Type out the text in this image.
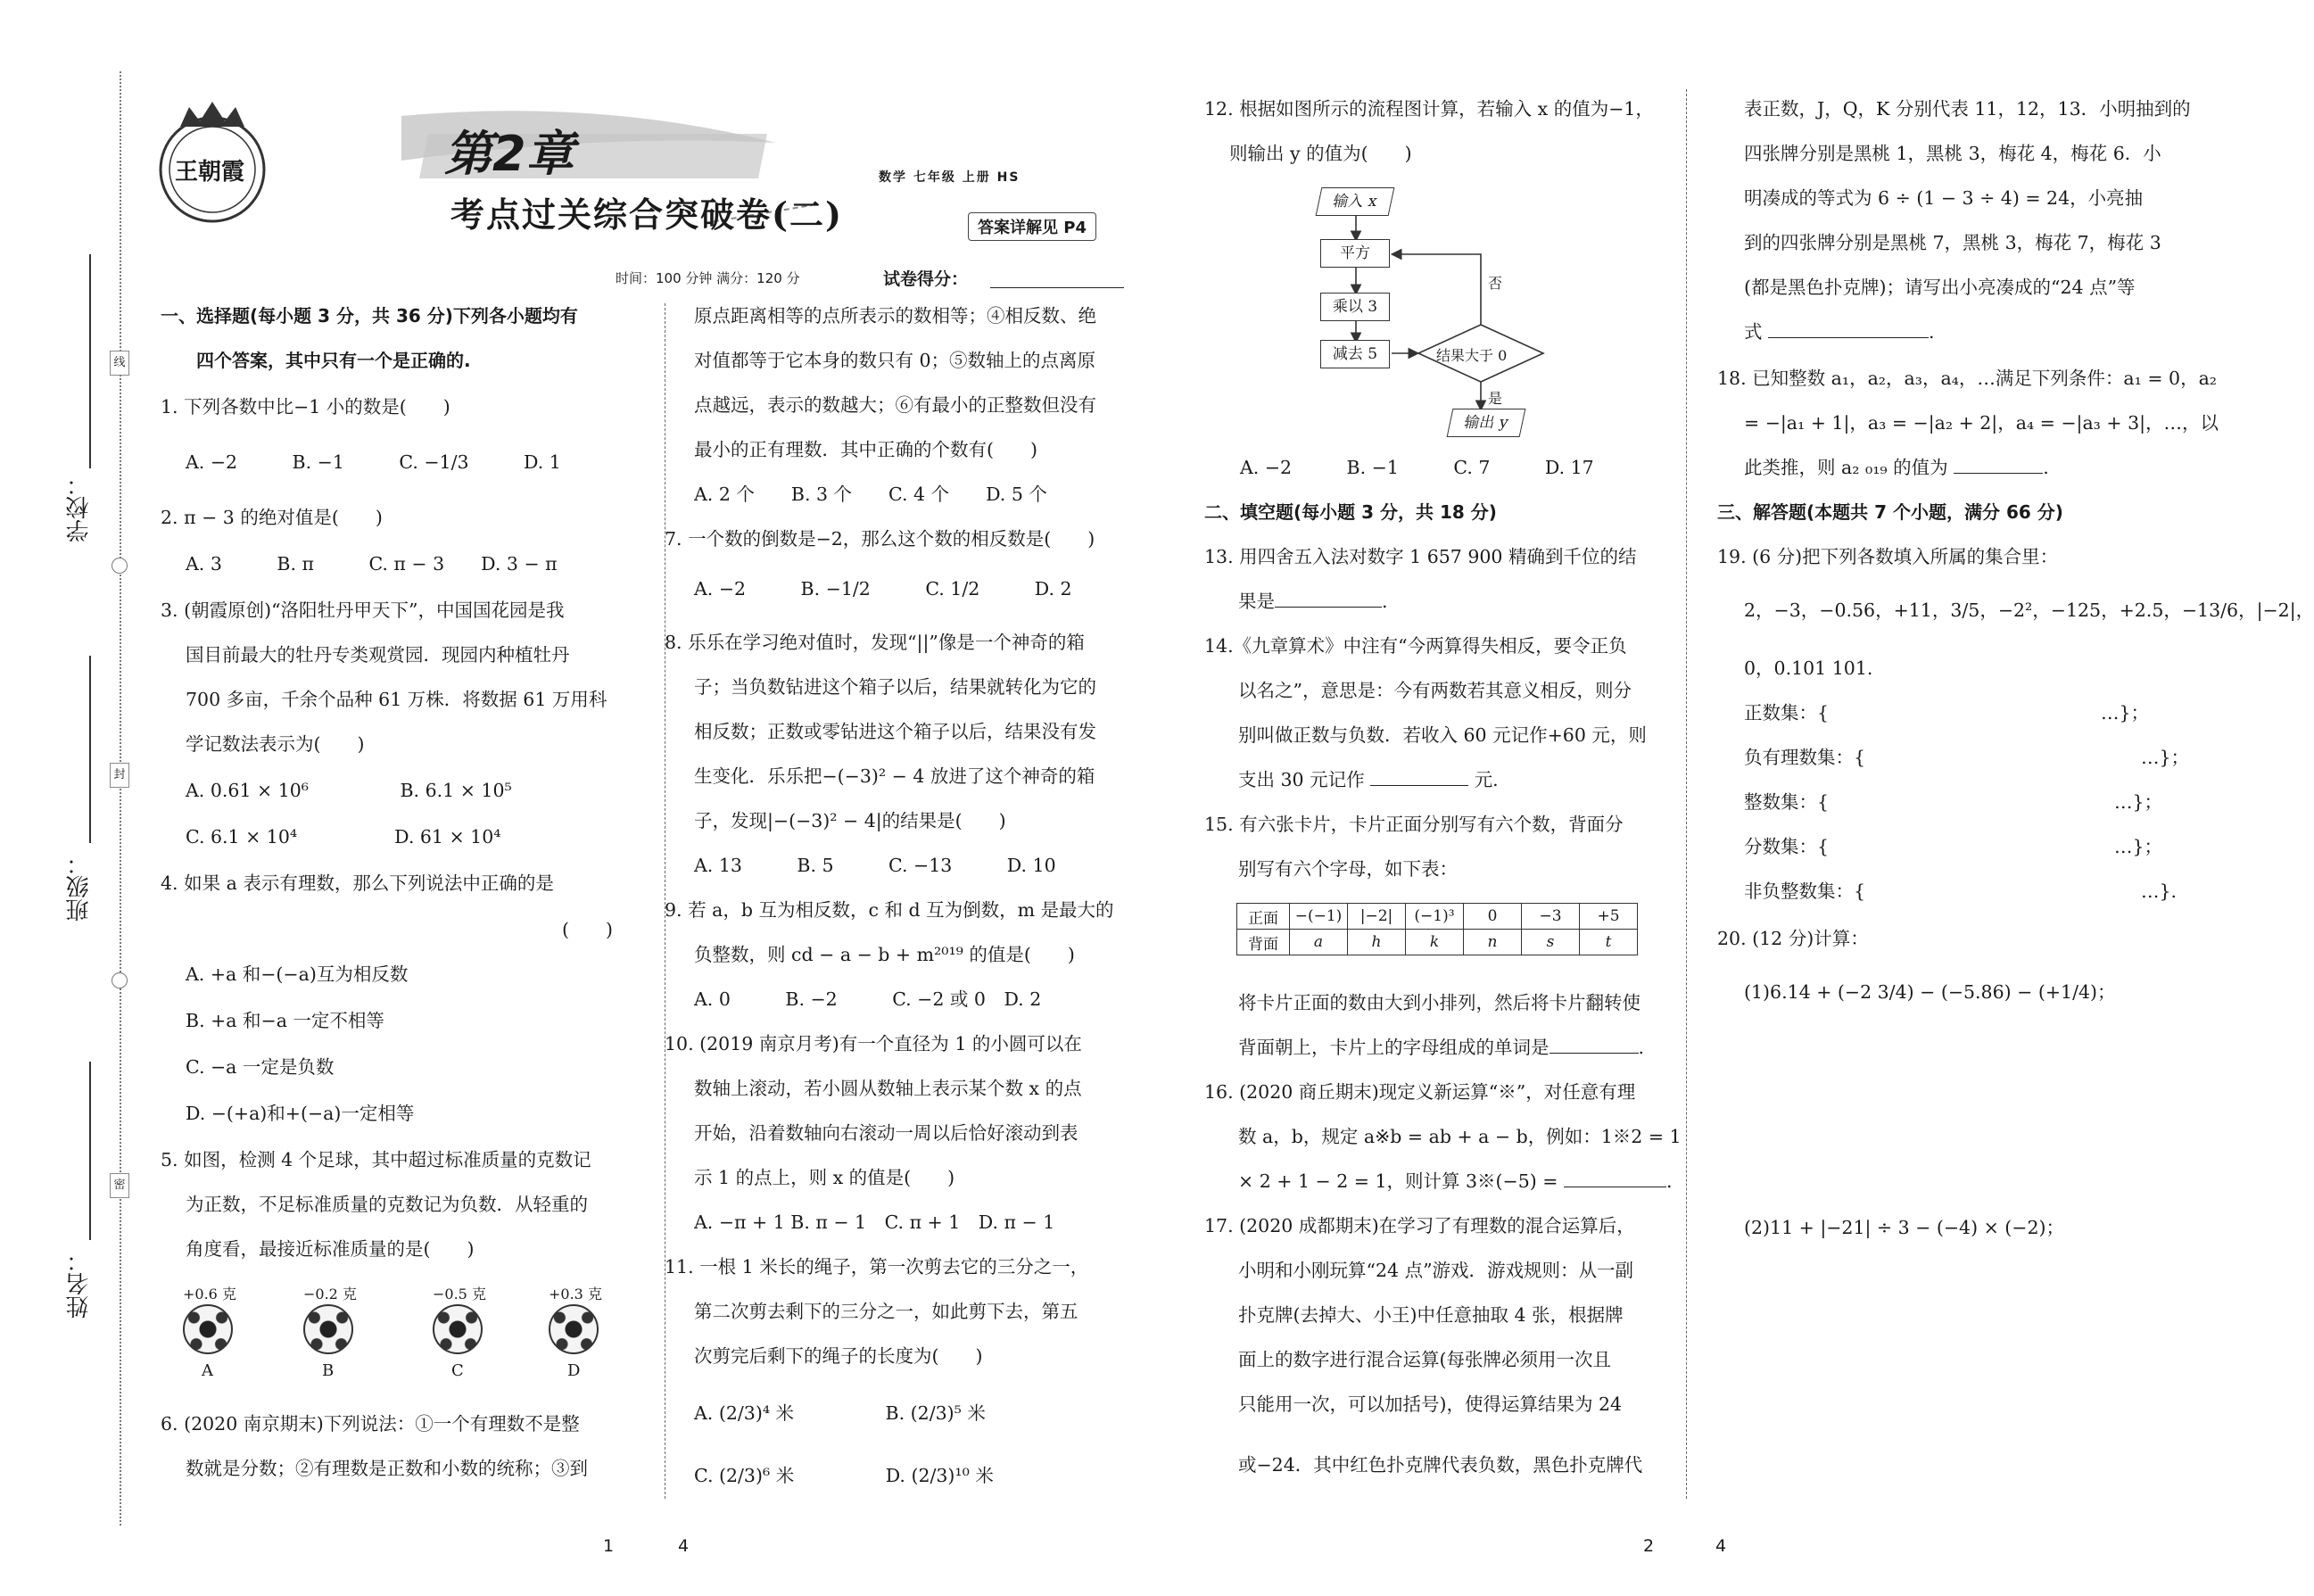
学校：
班级：
姓名：
线
封
密
王朝霞	第2章
考点过关综合突破卷(二)
数学 七年级 上册 HS
答案详解见 P4
时间：100 分钟 满分：120 分	试卷得分：
一、选择题(每小题 3 分，共 36 分)下列各小题均有
四个答案，其中只有一个是正确的.
1. 下列各数中比−1 小的数是(　　)
A. −2　　　B. −1　　　C. −1/3　　　D. 1
2. π − 3 的绝对值是(　　)
A. 3　　　B. π　　　C. π − 3　　D. 3 − π
3. (朝霞原创)“洛阳牡丹甲天下”，中国国花园是我
国目前最大的牡丹专类观赏园．现园内种植牡丹
700 多亩，千余个品种 61 万株．将数据 61 万用科
学记数法表示为(　　)
A. 0.61 × 10⁶　　　　　B. 6.1 × 10⁵
C. 6.1 × 10⁴　　　　　 D. 61 × 10⁴
4. 如果 a 表示有理数，那么下列说法中正确的是
(　　)
A. +a 和−(−a)互为相反数
B. +a 和−a 一定不相等
C. −a 一定是负数
D. −(+a)和+(−a)一定相等
5. 如图，检测 4 个足球，其中超过标准质量的克数记
为正数，不足标准质量的克数记为负数．从轻重的
角度看，最接近标准质量的是(　　)
+0.6 克
A
−0.2 克
B
−0.5 克
C
+0.3 克
D
6. (2020 南京期末)下列说法：①一个有理数不是整
数就是分数；②有理数是正数和小数的统称；③到
原点距离相等的点所表示的数相等；④相反数、绝
对值都等于它本身的数只有 0；⑤数轴上的点离原
点越远，表示的数越大；⑥有最小的正整数但没有
最小的正有理数．其中正确的个数有(　　)
A. 2 个　　B. 3 个　　C. 4 个　　D. 5 个
7. 一个数的倒数是−2，那么这个数的相反数是(　　)
A. −2　　　B. −1/2　　　C. 1/2　　　D. 2
8. 乐乐在学习绝对值时，发现“||”像是一个神奇的箱
子；当负数钻进这个箱子以后，结果就转化为它的
相反数；正数或零钻进这个箱子以后，结果没有发
生变化．乐乐把−(−3)² − 4 放进了这个神奇的箱
子，发现|−(−3)² − 4|的结果是(　　)
A. 13　　　B. 5　　　C. −13　　　D. 10
9. 若 a，b 互为相反数，c 和 d 互为倒数，m 是最大的
负整数，则 cd − a − b + m²⁰¹⁹ 的值是(　　)
A. 0　　　B. −2　　　C. −2 或 0　D. 2
10. (2019 南京月考)有一个直径为 1 的小圆可以在
数轴上滚动，若小圆从数轴上表示某个数 x 的点
开始，沿着数轴向右滚动一周以后恰好滚动到表
示 1 的点上，则 x 的值是(　　)
A. −π + 1 B. π − 1　C. π + 1　D. π − 1
11. 一根 1 米长的绳子，第一次剪去它的三分之一，
第二次剪去剩下的三分之一，如此剪下去，第五
次剪完后剩下的绳子的长度为(　　)
A. (2/3)⁴ 米　　　　　B. (2/3)⁵ 米
C. (2/3)⁶ 米　　　　　D. (2/3)¹⁰ 米
1	4
12. 根据如图所示的流程图计算，若输入 x 的值为−1，
则输出 y 的值为(　　)
输入 x
平方
乘以 3
减去 5	结果大于 0
否
是
输出 y
A. −2　　　B. −1　　　C. 7　　　D. 17
二、填空题(每小题 3 分，共 18 分)
13. 用四舍五入法对数字 1 657 900 精确到千位的结
果是	.
14.《九章算术》中注有“今两算得失相反，要令正负
以名之”，意思是：今有两数若其意义相反，则分
别叫做正数与负数．若收入 60 元记作+60 元，则
支出 30 元记作	元.
15. 有六张卡片，卡片正面分别写有六个数，背面分
别写有六个字母，如下表：
正面	−(−1)	|−2|	(−1)³	0	−3	+5
背面	a	h	k	n	s	t
将卡片正面的数由大到小排列，然后将卡片翻转使
背面朝上，卡片上的字母组成的单词是	.
16. (2020 商丘期末)现定义新运算“※”，对任意有理
数 a，b，规定 a※b = ab + a − b，例如：1※2 = 1
× 2 + 1 − 2 = 1，则计算 3※(−5) =	.
17. (2020 成都期末)在学习了有理数的混合运算后，
小明和小刚玩算“24 点”游戏．游戏规则：从一副
扑克牌(去掉大、小王)中任意抽取 4 张，根据牌
面上的数字进行混合运算(每张牌必须用一次且
只能用一次，可以加括号)，使得运算结果为 24
或−24．其中红色扑克牌代表负数，黑色扑克牌代
表正数，J，Q，K 分别代表 11，12，13．小明抽到的
四张牌分别是黑桃 1，黑桃 3，梅花 4，梅花 6．小
明凑成的等式为 6 ÷ (1 − 3 ÷ 4) = 24，小亮抽
到的四张牌分别是黑桃 7，黑桃 3，梅花 7，梅花 3
(都是黑色扑克牌)；请写出小亮凑成的“24 点”等
式	.
18. 已知整数 a₁，a₂，a₃，a₄，…满足下列条件：a₁ = 0，a₂
= −|a₁ + 1|，a₃ = −|a₂ + 2|，a₄ = −|a₃ + 3|，…，以
此类推，则 a₂ ₀₁₉ 的值为	.
三、解答题(本题共 7 个小题，满分 66 分)
19. (6 分)把下列各数填入所属的集合里：
2，−3，−0.56，+11，3/5，−2²，−125，+2.5，−13/6，|−2|，
0，0.101 101.
正数集：{	…}；
负有理数集：{	…}；
整数集：{	…}；
分数集：{	…}；
非负整数集：{	…}.
20. (12 分)计算：
(1)6.14 + (−2 3/4) − (−5.86) − (+1/4)；
(2)11 + |−21| ÷ 3 − (−4) × (−2)；
2	4
